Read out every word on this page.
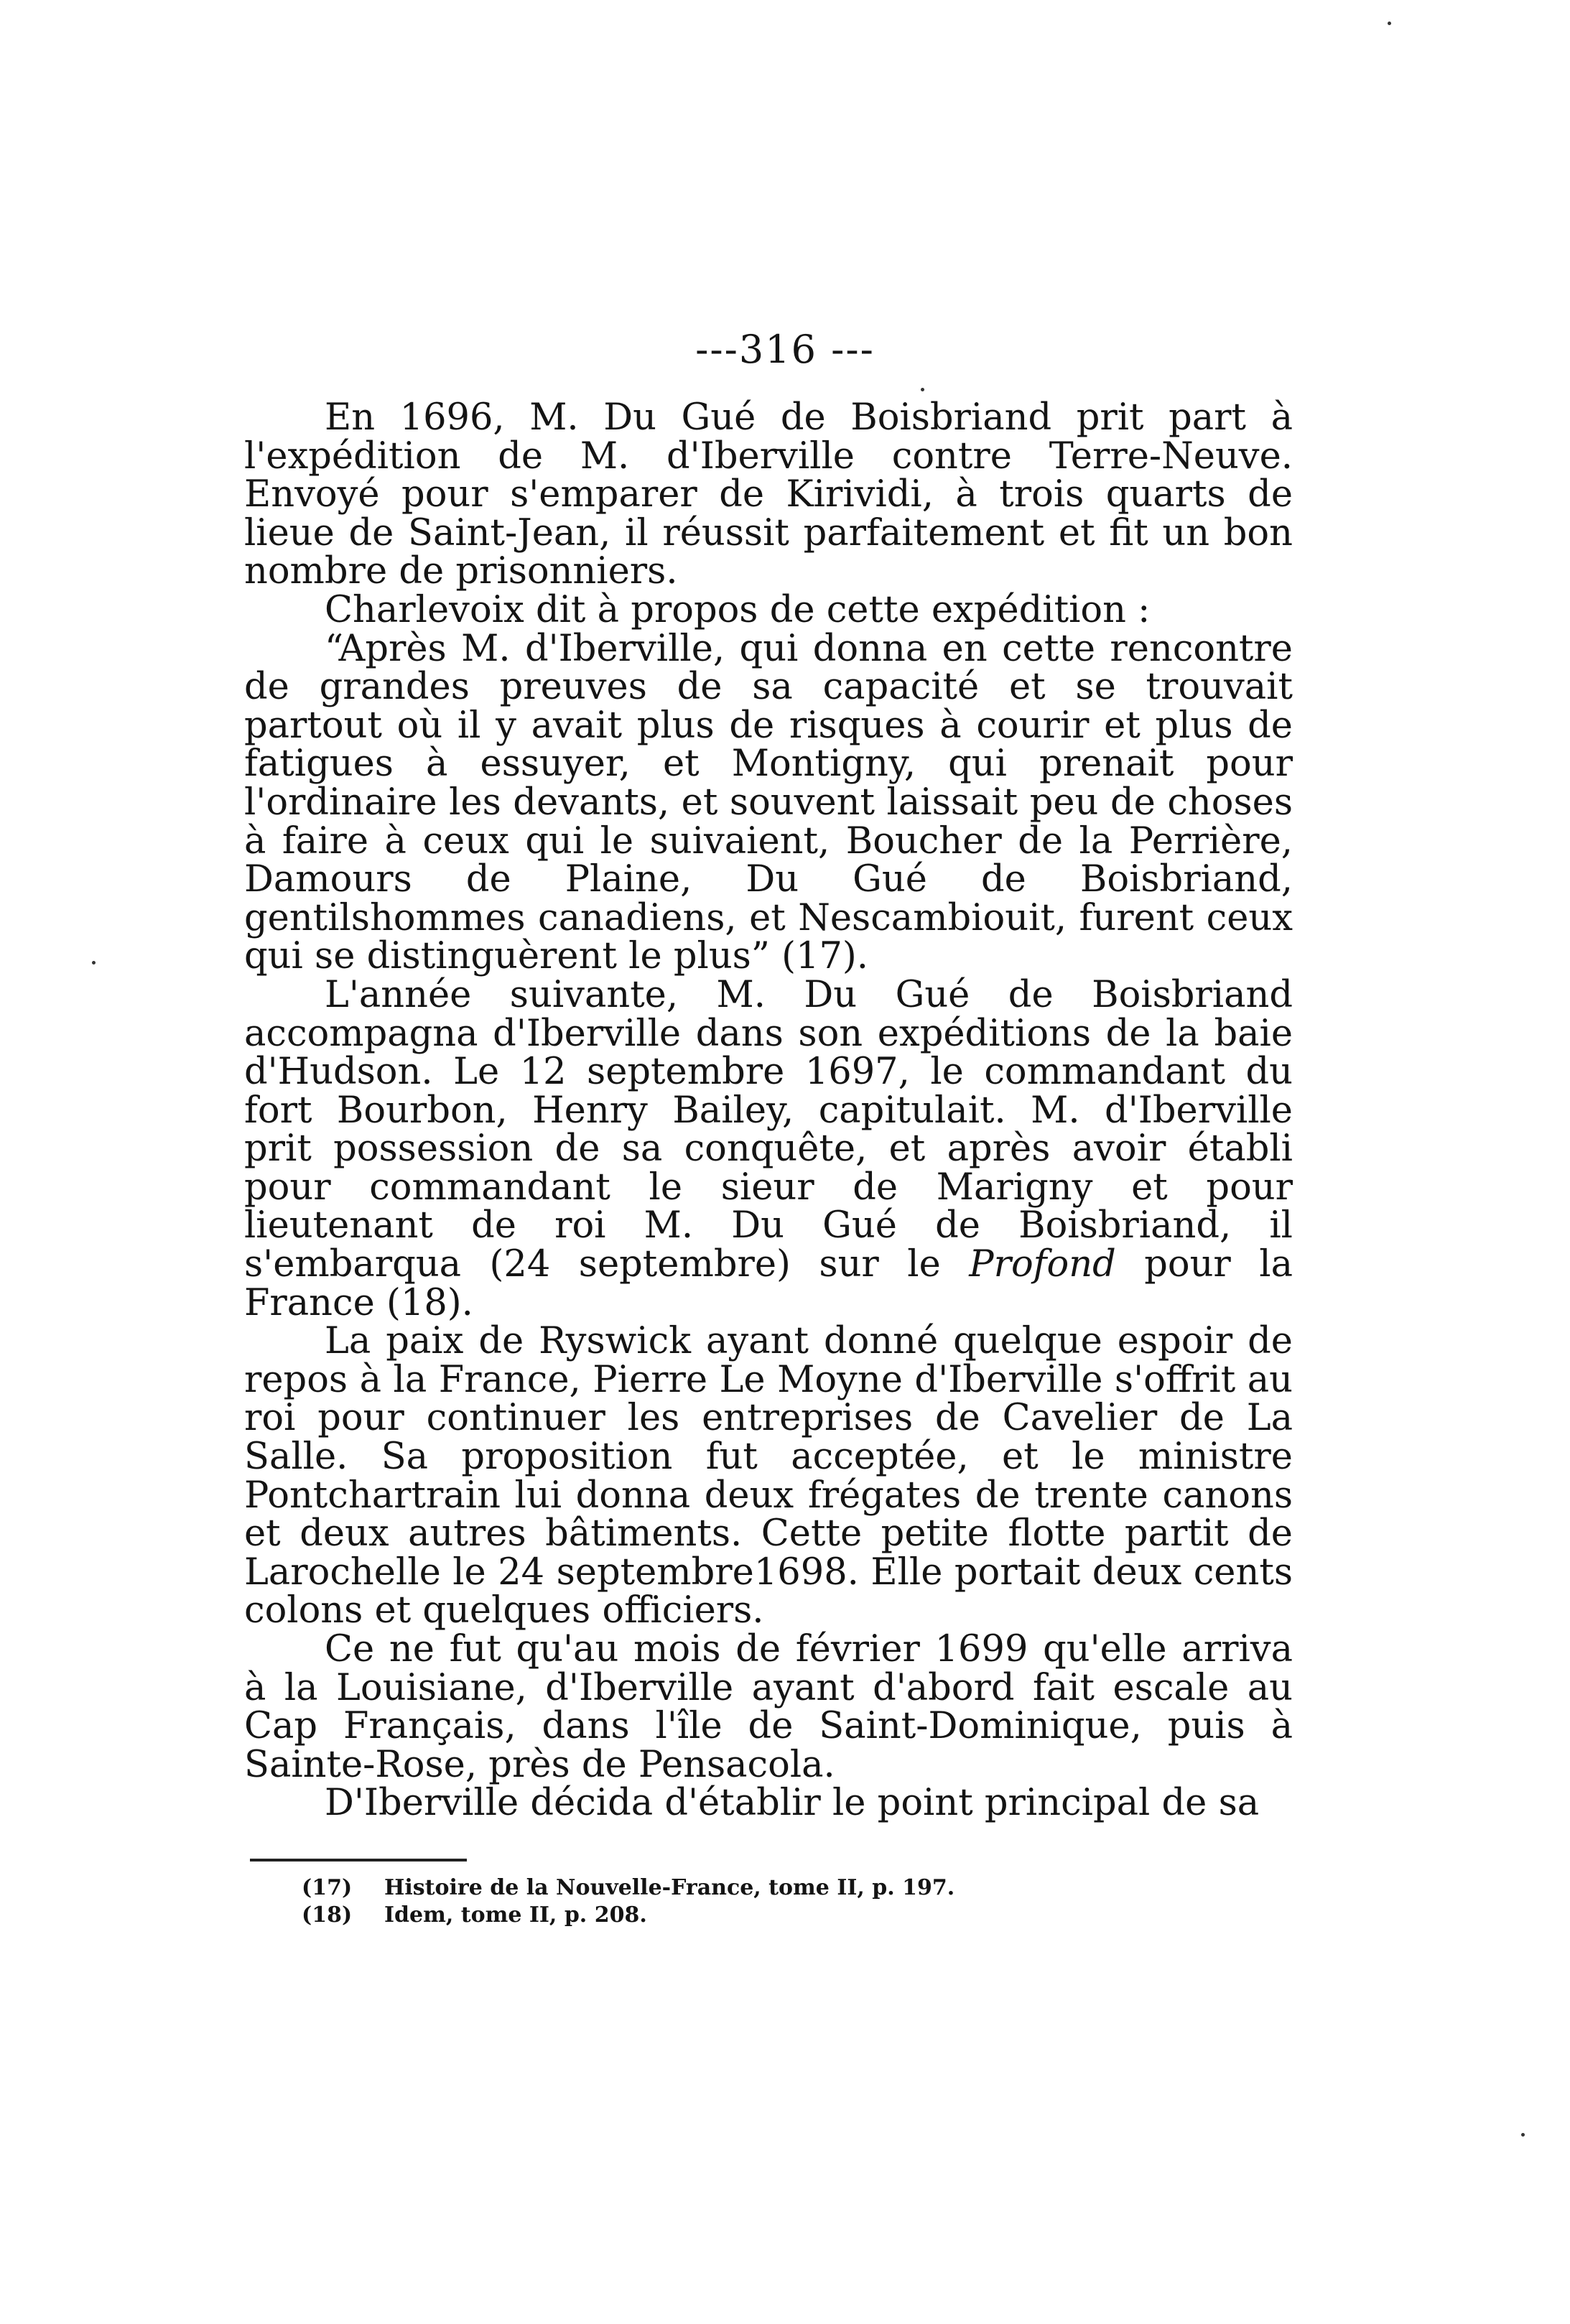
---316 ---

En 1696, M. Du Gué de Boisbriand prit part à l'expédition de M. d'Iberville contre Terre-Neuve. Envoyé pour s'emparer de Kirividi, à trois quarts de lieue de Saint-Jean, il réussit parfaitement et fit un bon nombre de prisonniers.

Charlevoix dit à propos de cette expédition :

“Après M. d'Iberville, qui donna en cette rencontre de grandes preuves de sa capacité et se trouvait partout où il y avait plus de risques à courir et plus de fatigues à essuyer, et Montigny, qui prenait pour l'ordinaire les devants, et souvent laissait peu de choses à faire à ceux qui le suivaient, Boucher de la Perrière, Damours de Plaine, Du Gué de Boisbriand, gentilshommes canadiens, et Nescambiouit, furent ceux qui se distinguèrent le plus” (17).

L'année suivante, M. Du Gué de Boisbriand accompagna d'Iberville dans son expéditions de la baie d'Hudson. Le 12 septembre 1697, le commandant du fort Bourbon, Henry Bailey, capitulait. M. d'Iberville prit possession de sa conquête, et après avoir établi pour commandant le sieur de Marigny et pour lieutenant de roi M. Du Gué de Boisbriand, il s'embarqua (24 septembre) sur le Profond pour la France (18).

La paix de Ryswick ayant donné quelque espoir de repos à la France, Pierre Le Moyne d'Iberville s'offrit au roi pour continuer les entreprises de Cavelier de La Salle. Sa proposition fut acceptée, et le ministre Pontchartrain lui donna deux frégates de trente canons et deux autres bâtiments. Cette petite flotte partit de Larochelle le 24 septembre1698. Elle portait deux cents colons et quelques officiers.

Ce ne fut qu'au mois de février 1699 qu'elle arriva à la Louisiane, d'Iberville ayant d'abord fait escale au Cap Français, dans l'île de Saint-Dominique, puis à Sainte-Rose, près de Pensacola.

D'Iberville décida d'établir le point principal de sa

(17)	Histoire de la Nouvelle-France, tome II, p. 197.
(18)	Idem, tome II, p. 208.
